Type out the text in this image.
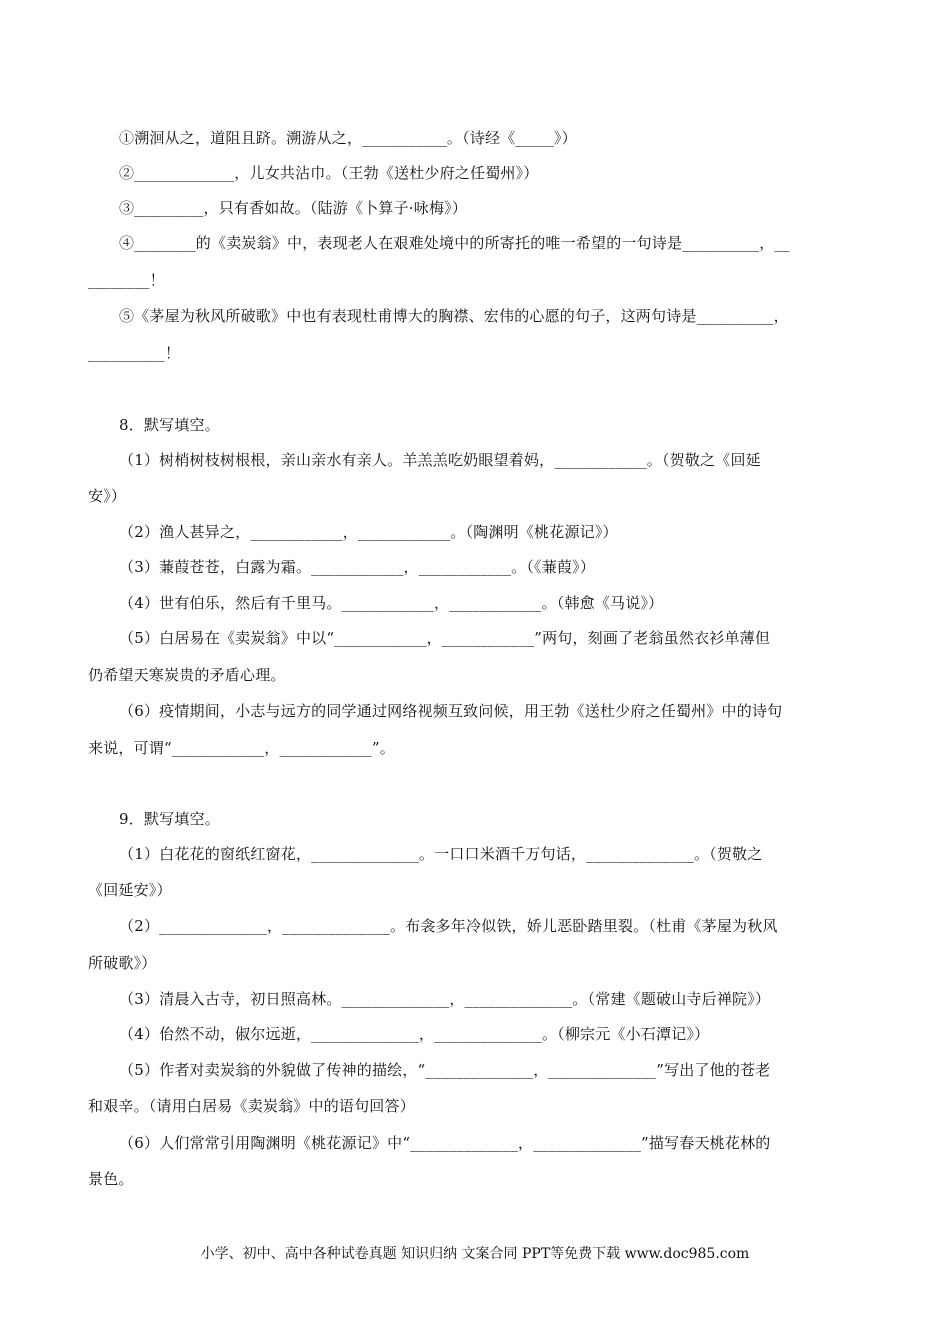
①溯洄从之，道阻且跻。溯游从之，___________。（诗经《_____》）
②_____________，儿女共沾巾。（王勃《送杜少府之任蜀州》）
③_________，只有香如故。（陆游《卜算子·咏梅》）
④________的《卖炭翁》中，表现老人在艰难处境中的所寄托的唯一希望的一句诗是__________，__
________！
⑤《茅屋为秋风所破歌》中也有表现杜甫博大的胸襟、宏伟的心愿的句子，这两句诗是__________，
__________！
8．默写填空。
（1）树梢树枝树根根，亲山亲水有亲人。羊羔羔吃奶眼望着妈，____________。（贺敬之《回延
安》）
（2）渔人甚异之，____________，____________。（陶渊明《桃花源记》）
（3）蒹葭苍苍，白露为霜。____________，____________。（《蒹葭》）
（4）世有伯乐，然后有千里马。____________，____________。（韩愈《马说》）
（5）白居易在《卖炭翁》中以“____________，____________”两句，刻画了老翁虽然衣衫单薄但
仍希望天寒炭贵的矛盾心理。
（6）疫情期间，小志与远方的同学通过网络视频互致问候，用王勃《送杜少府之任蜀州》中的诗句
来说，可谓“____________，____________”。
9．默写填空。
（1）白花花的窗纸红窗花，______________。一口口米酒千万句话，______________。（贺敬之
《回延安》）
（2）______________，______________。布衾多年冷似铁，娇儿恶卧踏里裂。（杜甫《茅屋为秋风
所破歌》）
（3）清晨入古寺，初日照高林。______________，______________。（常建《题破山寺后禅院》）
（4）佁然不动，俶尔远逝，______________，______________。（柳宗元《小石潭记》）
（5）作者对卖炭翁的外貌做了传神的描绘，“______________，______________”写出了他的苍老
和艰辛。（请用白居易《卖炭翁》中的语句回答）
（6）人们常常引用陶渊明《桃花源记》中“______________，______________”描写春天桃花林的
景色。
小学、初中、高中各种试卷真题 知识归纳 文案合同 PPT等免费下载 www.doc985.com
